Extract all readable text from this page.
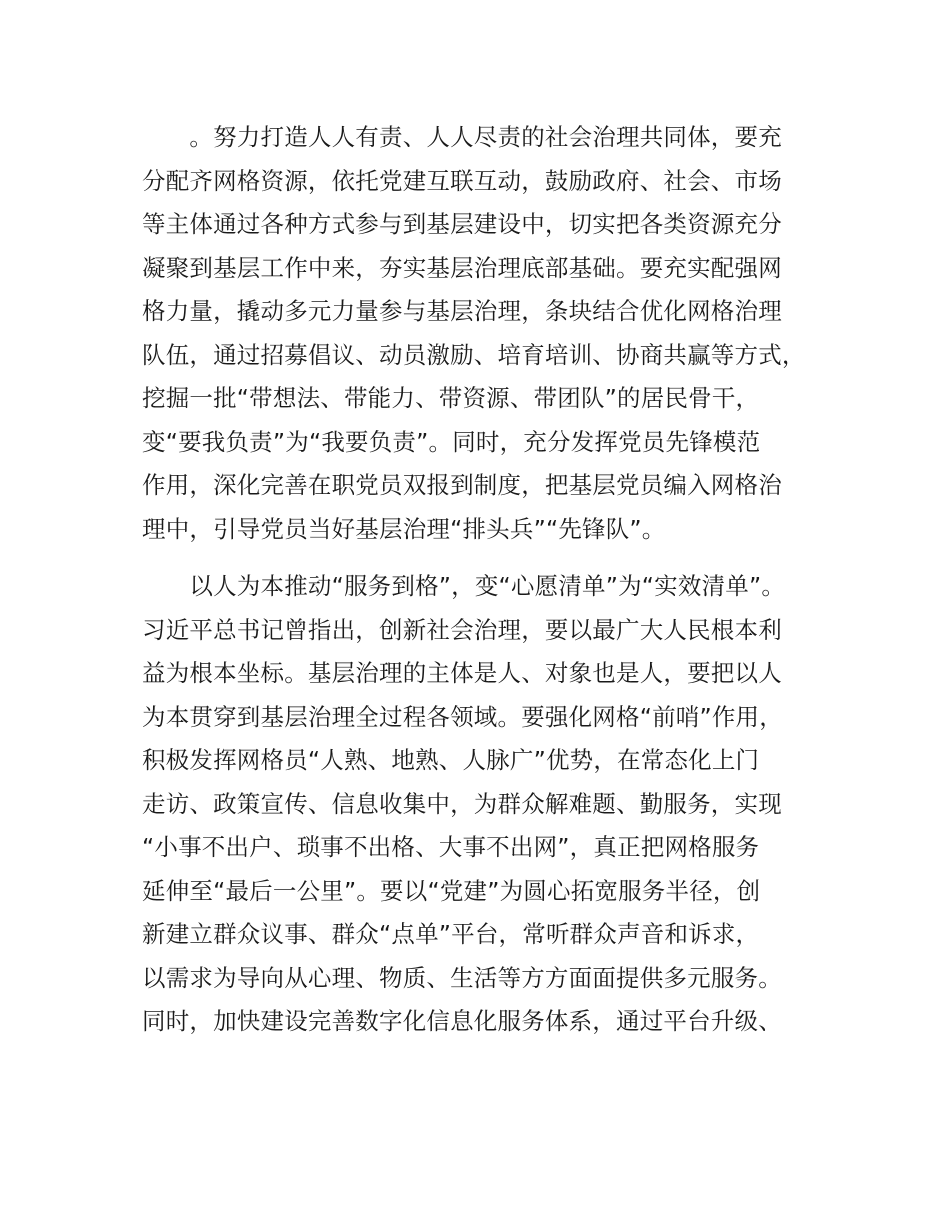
　　。努力打造人人有责、人人尽责的社会治理共同体，要充
分配齐网格资源，依托党建互联互动，鼓励政府、社会、市场
等主体通过各种方式参与到基层建设中，切实把各类资源充分
凝聚到基层工作中来，夯实基层治理底部基础。要充实配强网
格力量，撬动多元力量参与基层治理，条块结合优化网格治理
队伍，通过招募倡议、动员激励、培育培训、协商共赢等方式，
挖掘一批“带想法、带能力、带资源、带团队”的居民骨干，
变“要我负责”为“我要负责”。同时，充分发挥党员先锋模范
作用，深化完善在职党员双报到制度，把基层党员编入网格治
理中，引导党员当好基层治理“排头兵”“先锋队”。
　　以人为本推动“服务到格”，变“心愿清单”为“实效清单”。
习近平总书记曾指出，创新社会治理，要以最广大人民根本利
益为根本坐标。基层治理的主体是人、对象也是人，要把以人
为本贯穿到基层治理全过程各领域。要强化网格“前哨”作用，
积极发挥网格员“人熟、地熟、人脉广”优势，在常态化上门
走访、政策宣传、信息收集中，为群众解难题、勤服务，实现
“小事不出户、琐事不出格、大事不出网”，真正把网格服务
延伸至“最后一公里”。要以“党建”为圆心拓宽服务半径，创
新建立群众议事、群众“点单”平台，常听群众声音和诉求，
以需求为导向从心理、物质、生活等方方面面提供多元服务。
同时，加快建设完善数字化信息化服务体系，通过平台升级、
